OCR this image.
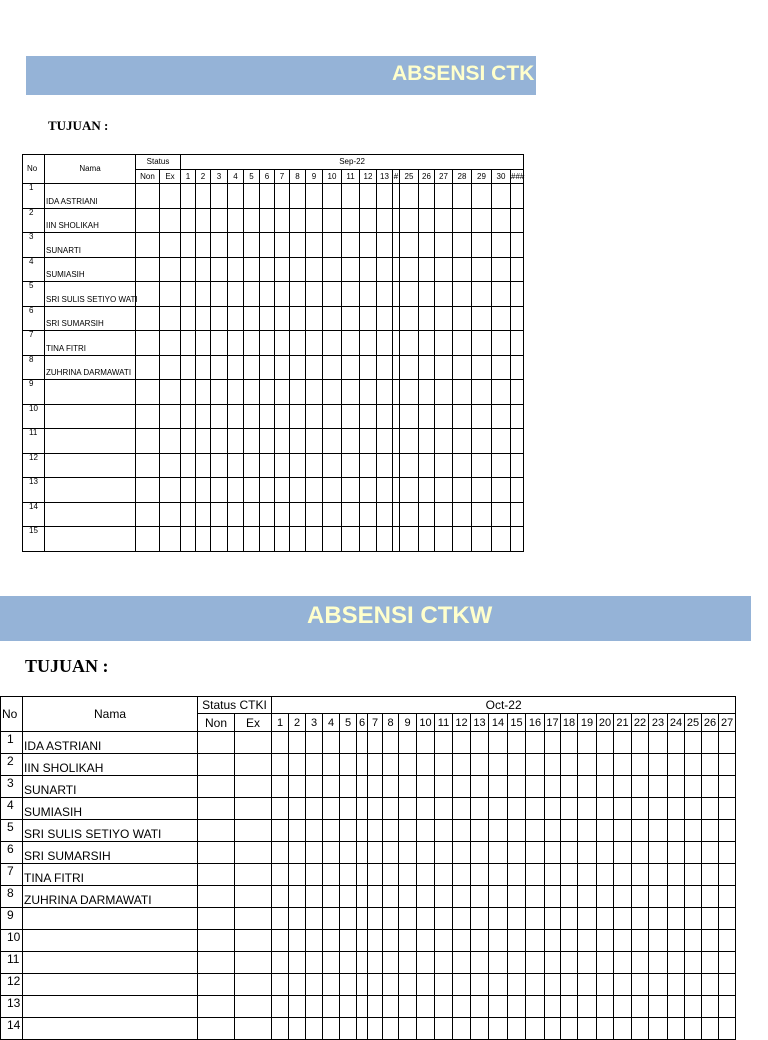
ABSENSI CTK
TUJUAN :
No	Nama	Status		Sep-22																				
		Non	Ex	1	2	3	4	5	6	7	8	9	10	11	12	13	#	25	26	27	28	29	30	###
1	IDA ASTRIANI																							
2	IIN SHOLIKAH																							
3	SUNARTI																							
4	SUMIASIH																							
5	SRI SULIS SETIYO WATI																							
6	SRI SUMARSIH																							
7	TINA FITRI																							
8	ZUHRINA DARMAWATI																							
9																								
10																								
11																								
12																								
13																								
14																								
15																								
ABSENSI CTKW
TUJUAN :
No	Nama	Status CTKI		Oct-22																										
		Non	Ex	1	2	3	4	5	6	7	8	9	10	11	12	13	14	15	16	17	18	19	20	21	22	23	24	25	26	27
1	IDA ASTRIANI																													
2	IIN SHOLIKAH																													
3	SUNARTI																													
4	SUMIASIH																													
5	SRI SULIS SETIYO WATI																													
6	SRI SUMARSIH																													
7	TINA FITRI																													
8	ZUHRINA DARMAWATI																													
9																														
10																														
11																														
12																														
13																														
14																														
